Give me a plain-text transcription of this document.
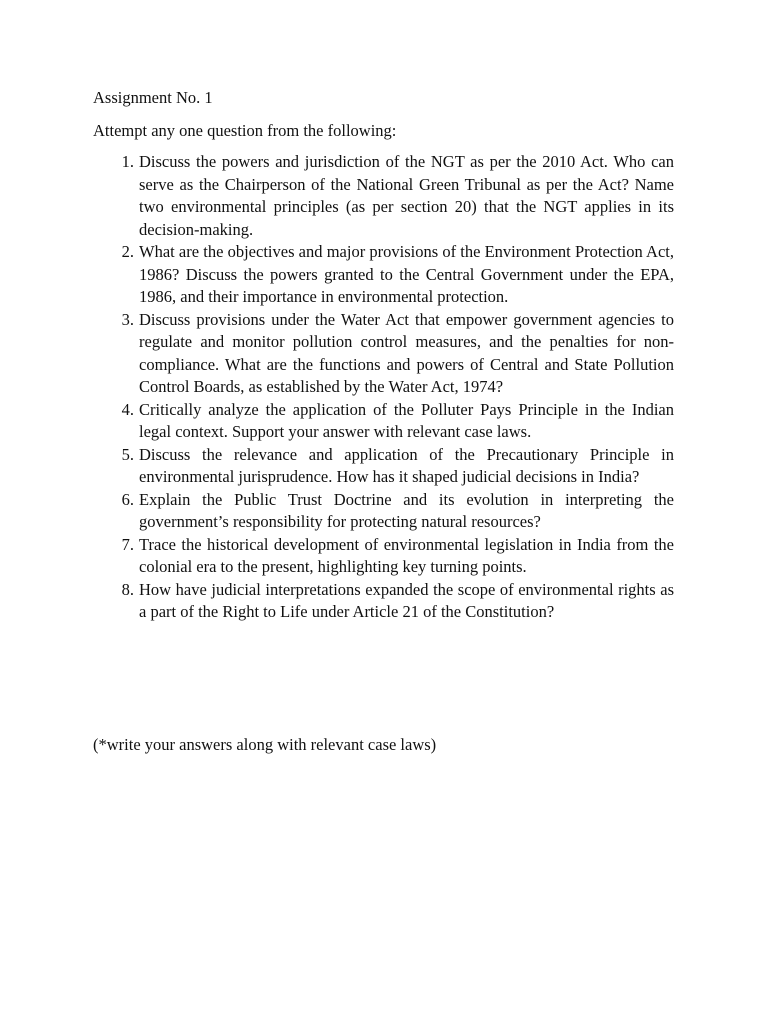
Assignment No. 1

Attempt any one question from the following:

1. Discuss the powers and jurisdiction of the NGT as per the 2010 Act. Who can serve as the Chairperson of the National Green Tribunal as per the Act? Name two environmental principles (as per section 20) that the NGT applies in its decision-making.
2. What are the objectives and major provisions of the Environment Protection Act, 1986? Discuss the powers granted to the Central Government under the EPA, 1986, and their importance in environmental protection.
3. Discuss provisions under the Water Act that empower government agencies to regulate and monitor pollution control measures, and the penalties for non-compliance. What are the functions and powers of Central and State Pollution Control Boards, as established by the Water Act, 1974?
4. Critically analyze the application of the Polluter Pays Principle in the Indian legal context. Support your answer with relevant case laws.
5. Discuss the relevance and application of the Precautionary Principle in environmental jurisprudence. How has it shaped judicial decisions in India?
6. Explain the Public Trust Doctrine and its evolution in interpreting the government’s responsibility for protecting natural resources?
7. Trace the historical development of environmental legislation in India from the colonial era to the present, highlighting key turning points.
8. How have judicial interpretations expanded the scope of environmental rights as a part of the Right to Life under Article 21 of the Constitution?

(*write your answers along with relevant case laws)
